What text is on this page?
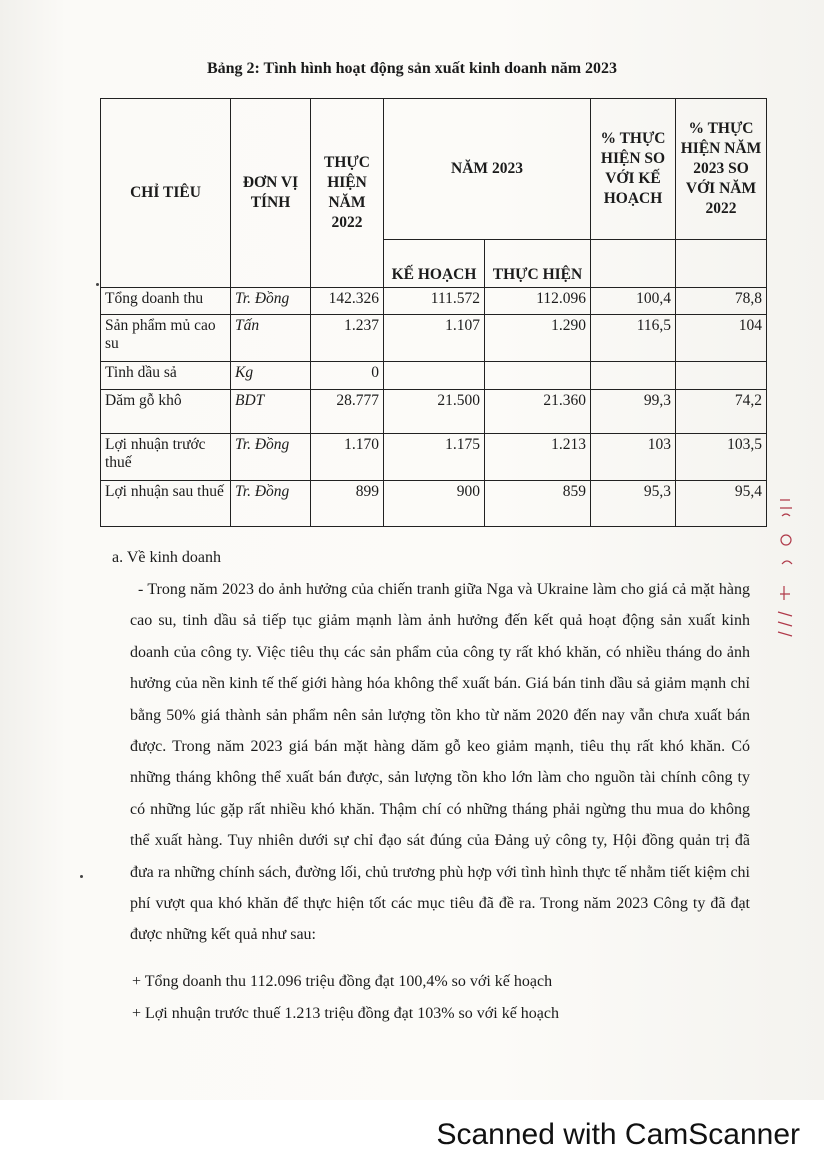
Bảng 2: Tình hình hoạt động sản xuất kinh doanh năm 2023
CHỈ TIÊU	ĐƠN VỊ TÍNH	THỰC HIỆN NĂM 2022	NĂM 2023		% THỰC HIỆN SO VỚI KẾ HOẠCH	% THỰC HIỆN NĂM 2023 SO VỚI NĂM 2022
			KẾ HOẠCH	THỰC HIỆN		
Tổng doanh thu	Tr. Đồng	142.326	111.572	112.096	100,4	78,8
Sản phẩm mủ cao su	Tấn	1.237	1.107	1.290	116,5	104
Tinh dầu sả	Kg	0				
Dăm gỗ khô	BDT	28.777	21.500	21.360	99,3	74,2
Lợi nhuận trước thuế	Tr. Đồng	1.170	1.175	1.213	103	103,5
Lợi nhuận sau thuế	Tr. Đồng	899	900	859	95,3	95,4
a. Về kinh doanh

- Trong năm 2023 do ảnh hưởng của chiến tranh giữa Nga và Ukraine làm cho giá cả mặt hàng cao su, tinh dầu sả tiếp tục giảm mạnh làm ảnh hưởng đến kết quả hoạt động sản xuất kinh doanh của công ty. Việc tiêu thụ các sản phẩm của công ty rất khó khăn, có nhiều tháng do ảnh hưởng của nền kinh tế thế giới hàng hóa không thể xuất bán. Giá bán tinh dầu sả giảm mạnh chỉ bằng 50% giá thành sản phẩm nên sản lượng tồn kho từ năm 2020 đến nay vẫn chưa xuất bán được. Trong năm 2023 giá bán mặt hàng dăm gỗ keo giảm mạnh, tiêu thụ rất khó khăn. Có những tháng không thể xuất bán được, sản lượng tồn kho lớn làm cho nguồn tài chính công ty có những lúc gặp rất nhiều khó khăn. Thậm chí có những tháng phải ngừng thu mua do không thể xuất hàng. Tuy nhiên dưới sự chỉ đạo sát đúng của Đảng uỷ công ty, Hội đồng quản trị đã đưa ra những chính sách, đường lối, chủ trương phù hợp với tình hình thực tế nhằm tiết kiệm chi phí vượt qua khó khăn để thực hiện tốt các mục tiêu đã đề ra. Trong năm 2023 Công ty đã đạt được những kết quả như sau:

+ Tổng doanh thu 112.096 triệu đồng đạt 100,4% so với kế hoạch
+ Lợi nhuận trước thuế 1.213 triệu đồng đạt 103% so với kế hoạch
Scanned with CamScanner
